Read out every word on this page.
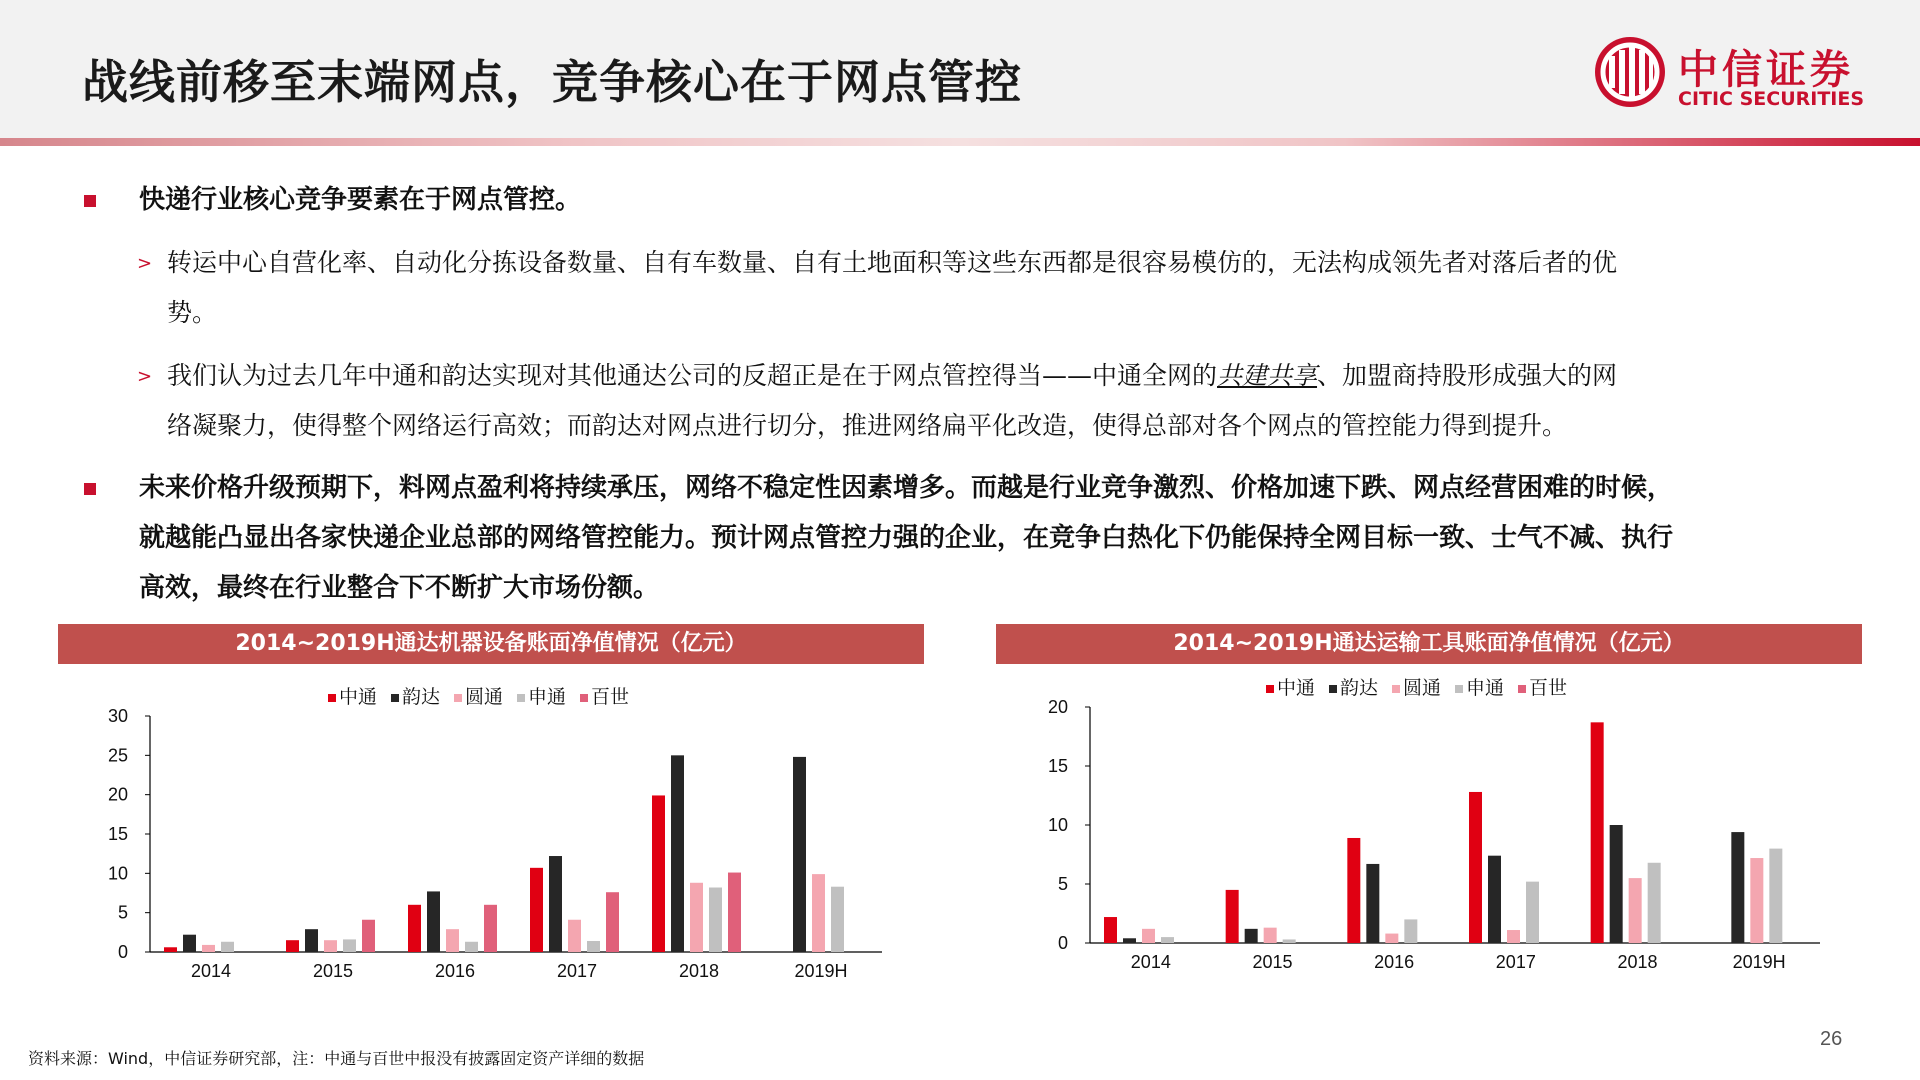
战线前移至末端网点，竞争核心在于网点管控	中信证券
CITIC SECURITIES
快递行业核心竞争要素在于网点管控。
> 转运中心自营化率、自动化分拣设备数量、自有车数量、自有土地面积等这些东西都是很容易模仿的，无法构成领先者对落后者的优
势。
> 我们认为过去几年中通和韵达实现对其他通达公司的反超正是在于网点管控得当——中通全网的共建共享、加盟商持股形成强大的网
络凝聚力，使得整个网络运行高效；而韵达对网点进行切分，推进网络扁平化改造，使得总部对各个网点的管控能力得到提升。
未来价格升级预期下，料网点盈利将持续承压，网络不稳定性因素增多。而越是行业竞争激烈、价格加速下跌、网点经营困难的时候，
就越能凸显出各家快递企业总部的网络管控能力。预计网点管控力强的企业，在竞争白热化下仍能保持全网目标一致、士气不减、执行
高效，最终在行业整合下不断扩大市场份额。
2014~2019H通达机器设备账面净值情况（亿元）	2014~2019H通达运输工具账面净值情况（亿元）
中通 韵达 圆通 申通 百世
0
5
10
15
20
25
30
2014	2015	2016	2017	2018	2019H
中通 韵达 圆通 申通 百世
0
5
10
15
20
2014	2015	2016	2017	2018	2019H
资料来源：Wind，中信证券研究部，注：中通与百世中报没有披露固定资产详细的数据
26
